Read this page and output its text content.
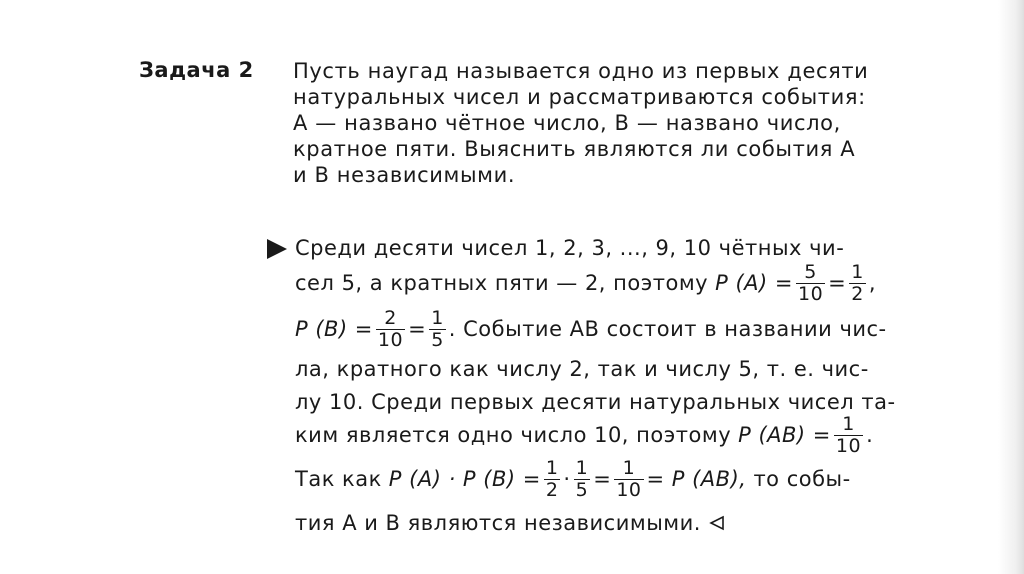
Задача 2 Пусть наугад называется одно из первых десяти
натуральных чисел и рассматриваются события:
A — названо чётное число, B — названо число,
кратное пяти. Выяснить являются ли события A
и B независимыми.
Среди десяти чисел 1, 2, 3, ..., 9, 10 чётных чи-
сел 5, а кратных пяти — 2, поэтому P $(A) = \frac{5}{10} = \frac{1}{2}$ ,
P $(B) = \frac{2}{10} = \frac{1}{5}$ . Событие AB состоит в названии чис-
ла, кратного как числу 2, так и числу 5, т. е. чис-
лу 10. Среди первых десяти натуральных чисел та-
ким является одно число 10, поэтому P $(AB) = \frac{1}{10}$ .
Так как P (A) · P $(B) = \frac{1}{2} \cdot \frac{1}{5} = \frac{1}{10} = P$ (AB), то собы-
тия A и B являются независимыми.
